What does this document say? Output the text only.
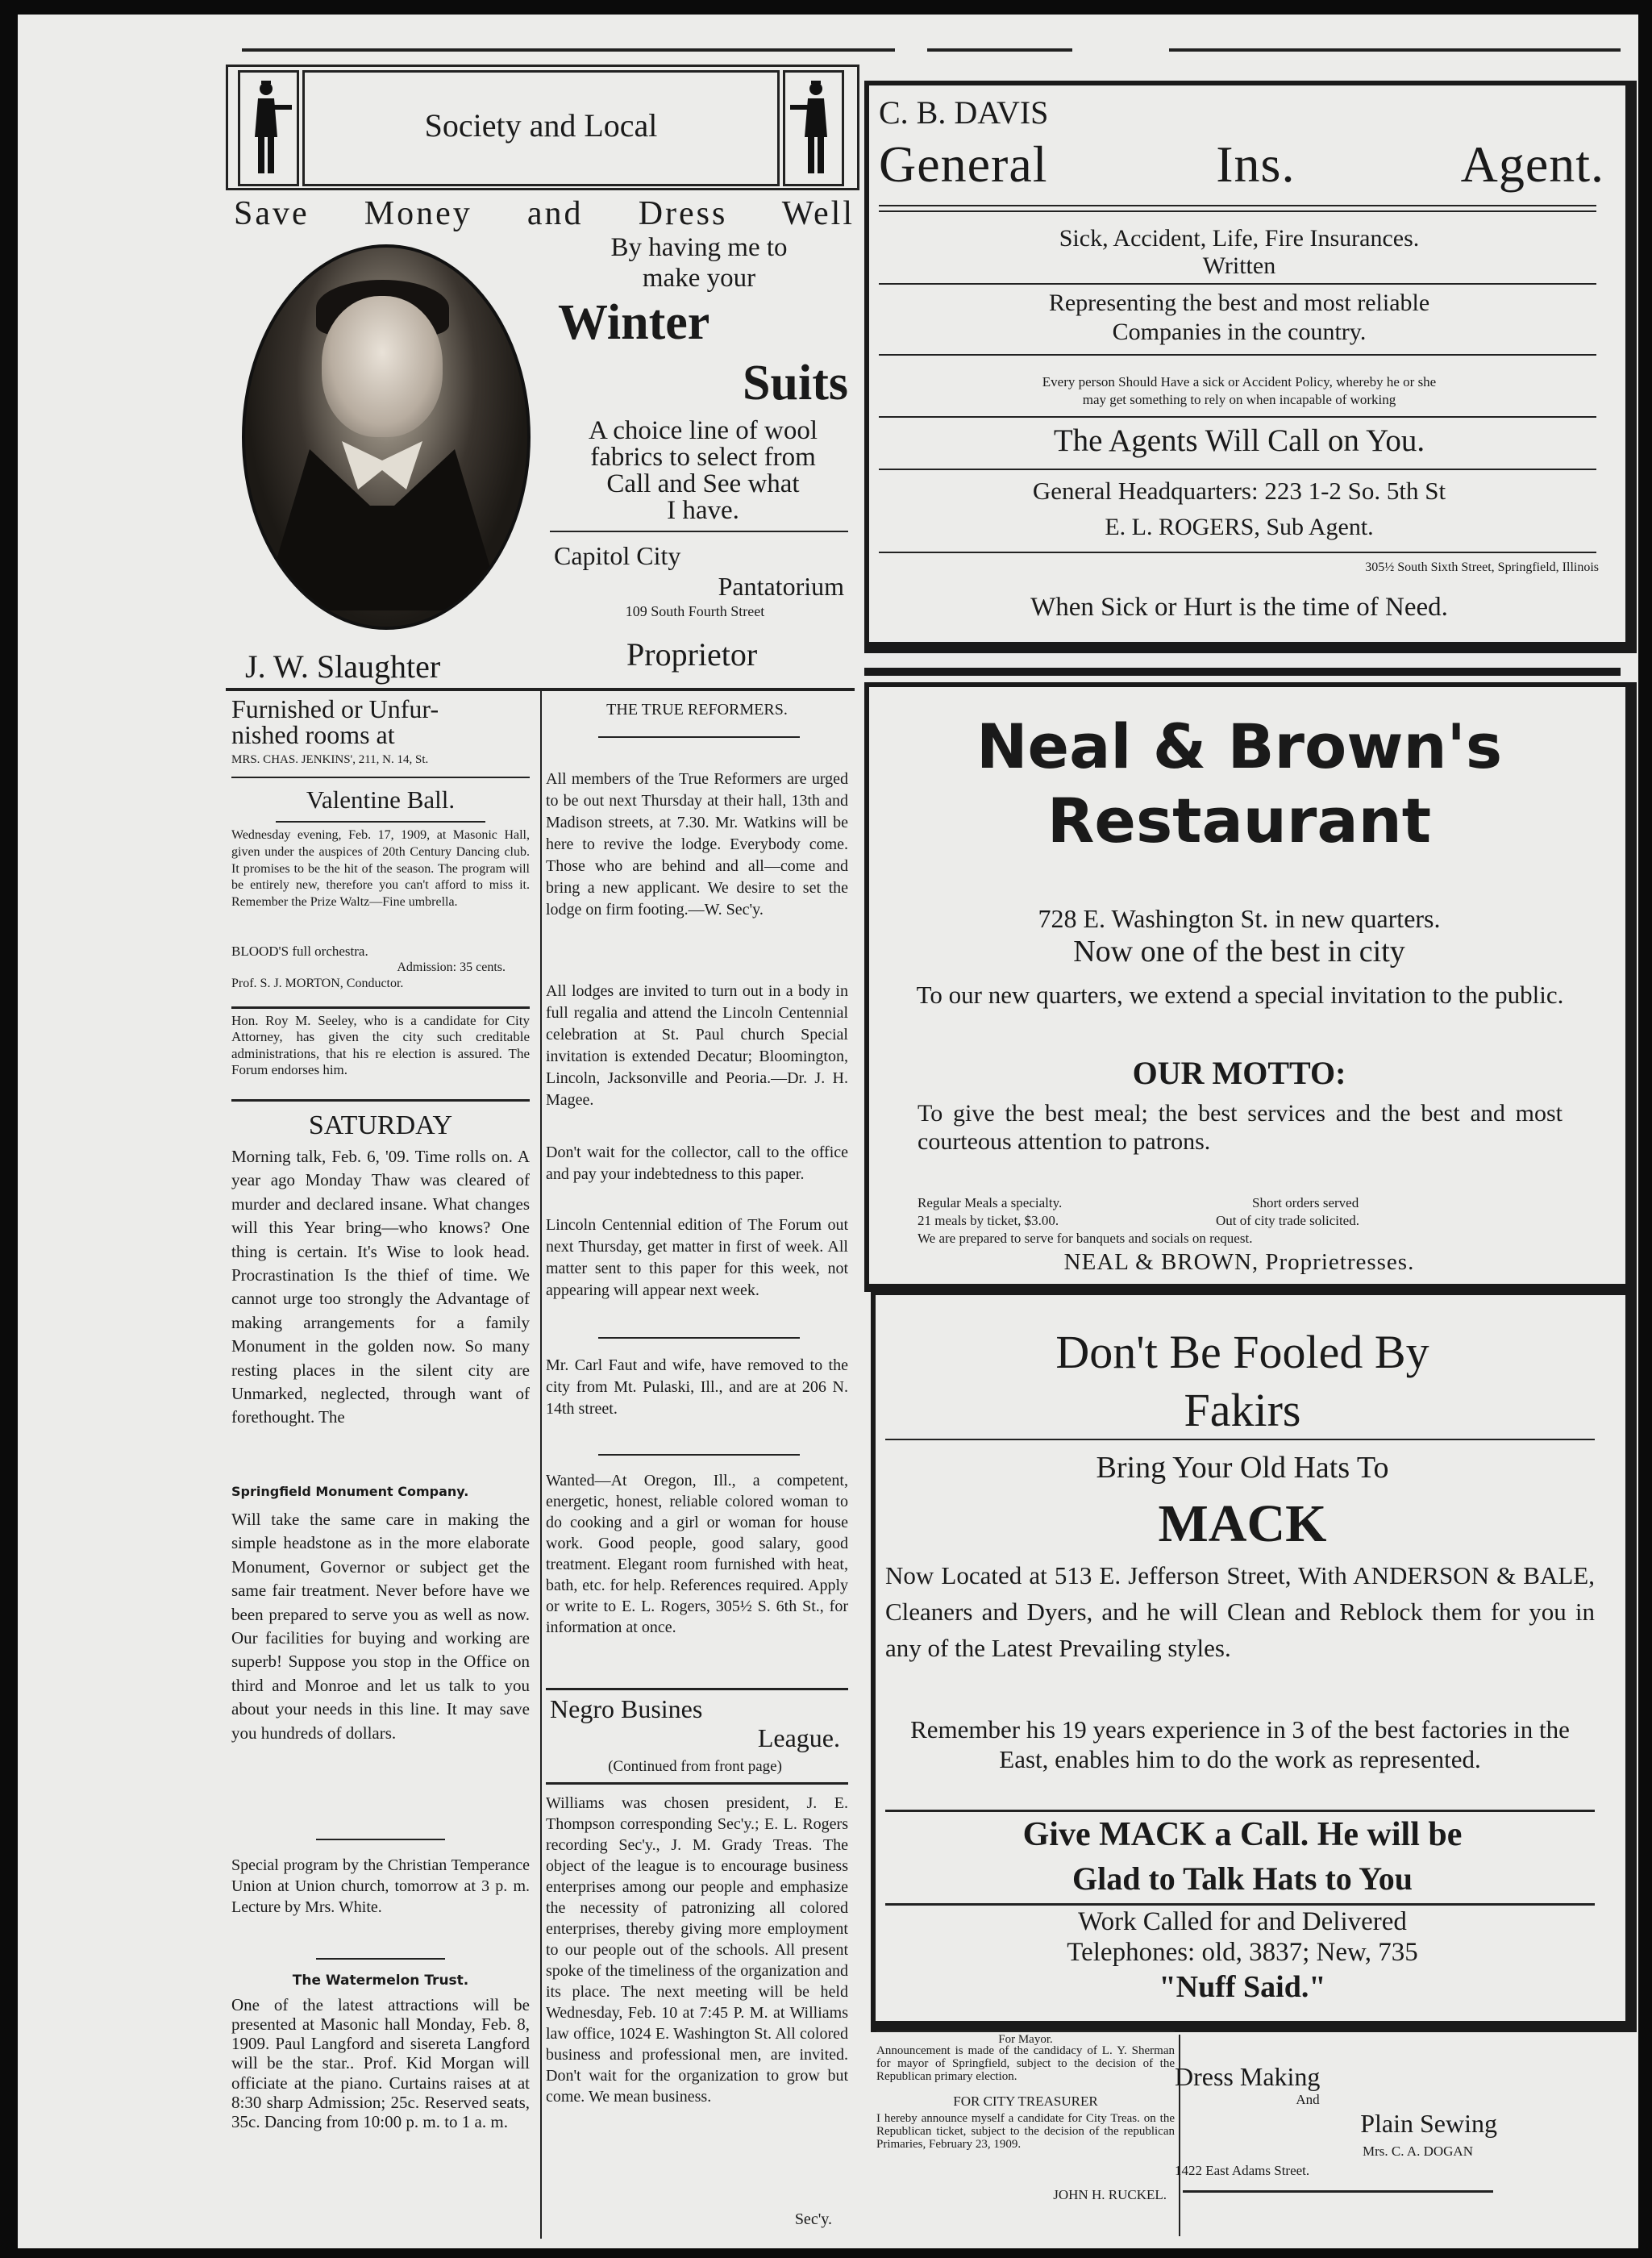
Society and Local
Save Money and Dress Well
By having me to
make your
Winter
Suits
A choice line of wool
fabrics to select from
Call and See what
I have.
Capitol City
Pantatorium
109 South Fourth Street
J. W. Slaughter	Proprietor
Furnished or Unfur-
nished rooms at
MRS. CHAS. JENKINS', 211, N. 14, St.
Valentine Ball.
Wednesday evening, Feb. 17, 1909, at Masonic Hall, given under the auspices of 20th Century Dancing club. It promises to be the hit of the season. The program will be entirely new, therefore you can't afford to miss it. Remember the Prize Waltz—Fine umbrella.
BLOOD'S full orchestra.
Admission: 35 cents.
Prof. S. J. MORTON, Conductor.
Hon. Roy M. Seeley, who is a candidate for City Attorney, has given the city such creditable administrations, that his re election is assured. The Forum endorses him.
SATURDAY
Morning talk, Feb. 6, '09. Time rolls on. A year ago Monday Thaw was cleared of murder and declared insane. What changes will this Year bring—who knows? One thing is certain. It's Wise to look head. Procrastination Is the thief of time. We cannot urge too strongly the Advantage of making arrangements for a family Monument in the golden now. So many resting places in the silent city are Unmarked, neglected, through want of forethought. The
Springfield Monument Company.
Will take the same care in making the simple headstone as in the more elaborate Monument, Governor or subject get the same fair treatment. Never before have we been prepared to serve you as well as now. Our facilities for buying and working are superb! Suppose you stop in the Office on third and Monroe and let us talk to you about your needs in this line. It may save you hundreds of dollars.
Special program by the Christian Temperance Union at Union church, tomorrow at 3 p. m. Lecture by Mrs. White.
The Watermelon Trust.
One of the latest attractions will be presented at Masonic hall Monday, Feb. 8, 1909. Paul Langford and sisereta Langford will be the star.. Prof. Kid Morgan will officiate at the piano. Curtains raises at at 8:30 sharp Admission; 25c. Reserved seats, 35c. Dancing from 10:00 p. m. to 1 a. m.
THE TRUE REFORMERS.
All members of the True Reformers are urged to be out next Thursday at their hall, 13th and Madison streets, at 7.30. Mr. Watkins will be here to revive the lodge. Everybody come. Those who are behind and all—come and bring a new applicant. We desire to set the lodge on firm footing.—W. Sec'y.
All lodges are invited to turn out in a body in full regalia and attend the Lincoln Centennial celebration at St. Paul church Special invitation is extended Decatur; Bloomington, Lincoln, Jacksonville and Peoria.—Dr. J. H. Magee.
Don't wait for the collector, call to the office and pay your indebtedness to this paper.
Lincoln Centennial edition of The Forum out next Thursday, get matter in first of week. All matter sent to this paper for this week, not appearing will appear next week.
Mr. Carl Faut and wife, have removed to the city from Mt. Pulaski, Ill., and are at 206 N. 14th street.
Wanted—At Oregon, Ill., a competent, energetic, honest, reliable colored woman to do cooking and a girl or woman for house work. Good people, good salary, good treatment. Elegant room furnished with heat, bath, etc. for help. References required. Apply or write to E. L. Rogers, 305½ S. 6th St., for information at once.
Negro Busines
League.
(Continued from front page)
Williams was chosen president, J. E. Thompson corresponding Sec'y.; E. L. Rogers recording Sec'y., J. M. Grady Treas. The object of the league is to encourage business enterprises among our people and emphasize the necessity of patronizing all colored enterprises, thereby giving more employment to our people out of the schools. All present spoke of the timeliness of the organization and its place. The next meeting will be held Wednesday, Feb. 10 at 7:45 P. M. at Williams law office, 1024 E. Washington St. All colored business and professional men, are invited. Don't wait for the organization to grow but come. We mean business.
Sec'y.
C. B. DAVIS
General Ins. Agent.
Sick, Accident, Life, Fire Insurances.
Written
Representing the best and most reliable
Companies in the country.
Every person Should Have a sick or Accident Policy, whereby he or she
may get something to rely on when incapable of working
The Agents Will Call on You.
General Headquarters: 223 1-2 So. 5th St
E. L. ROGERS, Sub Agent.
305½ South Sixth Street, Springfield, Illinois
When Sick or Hurt is the time of Need.
Neal & Brown's
Restaurant
728 E. Washington St. in new quarters.
Now one of the best in city
To our new quarters, we extend a special invitation to the public.
OUR MOTTO:
To give the best meal; the best services and the best and most courteous attention to patrons.
Regular Meals a specialty.	Short orders served
21 meals by ticket, $3.00.	Out of city trade solicited.
We are prepared to serve for banquets and socials on request.
NEAL & BROWN, Proprietresses.
Don't Be Fooled By
Fakirs
Bring Your Old Hats To
MACK
Now Located at 513 E. Jefferson Street, With ANDERSON & BALE, Cleaners and Dyers, and he will Clean and Reblock them for you in any of the Latest Prevailing styles.
Remember his 19 years experience in 3 of the best factories in the East, enables him to do the work as represented.
Give MACK a Call. He will be
Glad to Talk Hats to You
Work Called for and Delivered
Telephones: old, 3837; New, 735
"Nuff Said."
For Mayor.
Announcement is made of the candidacy of L. Y. Sherman for mayor of Springfield, subject to the decision of the Republican primary election.
FOR CITY TREASURER
I hereby announce myself a candidate for City Treas. on the Republican ticket, subject to the decision of the republican Primaries, February 23, 1909.
JOHN H. RUCKEL.
Dress Making
And
Plain Sewing
Mrs. C. A. DOGAN
1422 East Adams Street.
